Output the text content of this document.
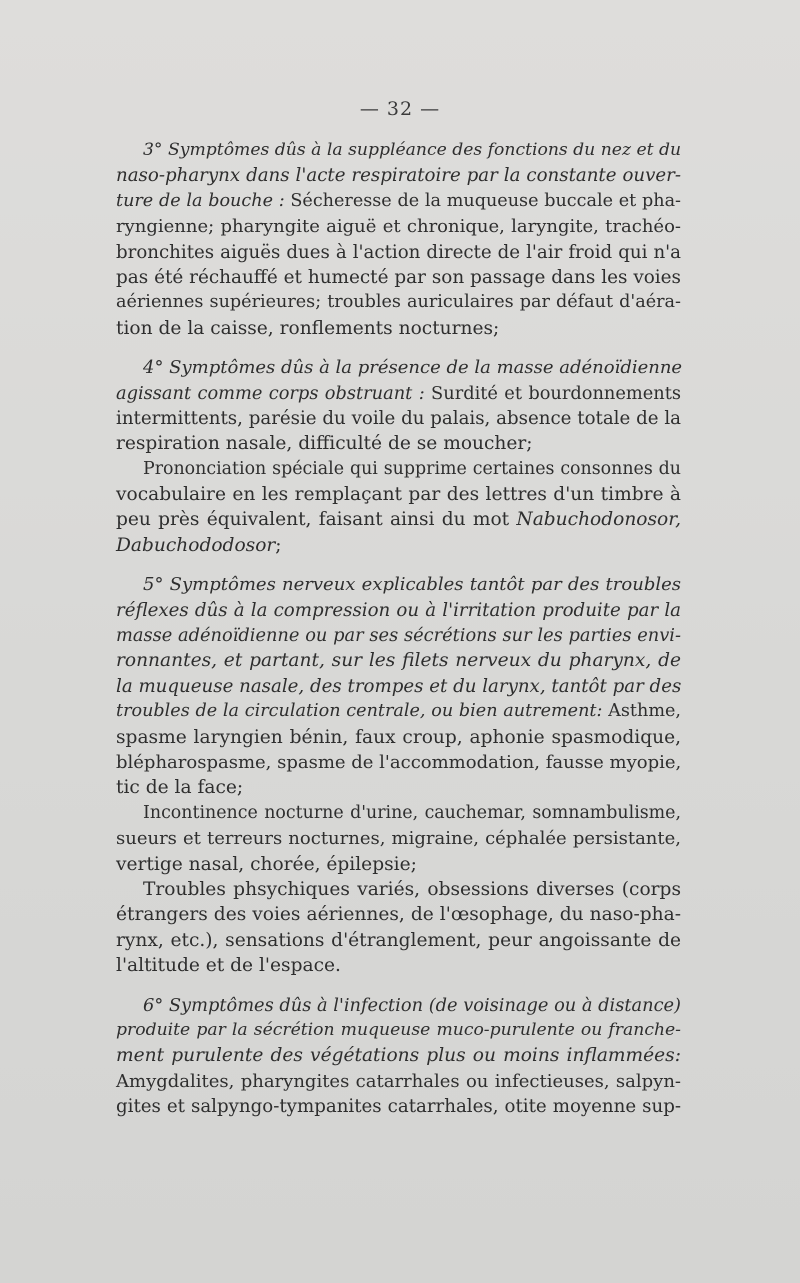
— 32 —
3° Symptômes dûs à la suppléance des fonctions du nez et du
naso-pharynx dans l'acte respiratoire par la constante ouver-
ture de la bouche : Sécheresse de la muqueuse buccale et pha-
ryngienne; pharyngite aiguë et chronique, laryngite, trachéo-
bronchites aiguës dues à l'action directe de l'air froid qui n'a
pas été réchauffé et humecté par son passage dans les voies
aériennes supérieures; troubles auriculaires par défaut d'aéra-
tion de la caisse, ronflements nocturnes;
4° Symptômes dûs à la présence de la masse adénoïdienne
agissant comme corps obstruant : Surdité et bourdonnements
intermittents, parésie du voile du palais, absence totale de la
respiration nasale, difficulté de se moucher;
Prononciation spéciale qui supprime certaines consonnes du
vocabulaire en les remplaçant par des lettres d'un timbre à
peu près équivalent, faisant ainsi du mot Nabuchodonosor,
Dabuchododosor;
5° Symptômes nerveux explicables tantôt par des troubles
réflexes dûs à la compression ou à l'irritation produite par la
masse adénoïdienne ou par ses sécrétions sur les parties envi-
ronnantes, et partant, sur les filets nerveux du pharynx, de
la muqueuse nasale, des trompes et du larynx, tantôt par des
troubles de la circulation centrale, ou bien autrement: Asthme,
spasme laryngien bénin, faux croup, aphonie spasmodique,
blépharospasme, spasme de l'accommodation, fausse myopie,
tic de la face;
Incontinence nocturne d'urine, cauchemar, somnambulisme,
sueurs et terreurs nocturnes, migraine, céphalée persistante,
vertige nasal, chorée, épilepsie;
Troubles phsychiques variés, obsessions diverses (corps
étrangers des voies aériennes, de l'œsophage, du naso-pha-
rynx, etc.), sensations d'étranglement, peur angoissante de
l'altitude et de l'espace.
6° Symptômes dûs à l'infection (de voisinage ou à distance)
produite par la sécrétion muqueuse muco-purulente ou franche-
ment purulente des végétations plus ou moins inflammées:
Amygdalites, pharyngites catarrhales ou infectieuses, salpyn-
gites et salpyngo-tympanites catarrhales, otite moyenne sup-
